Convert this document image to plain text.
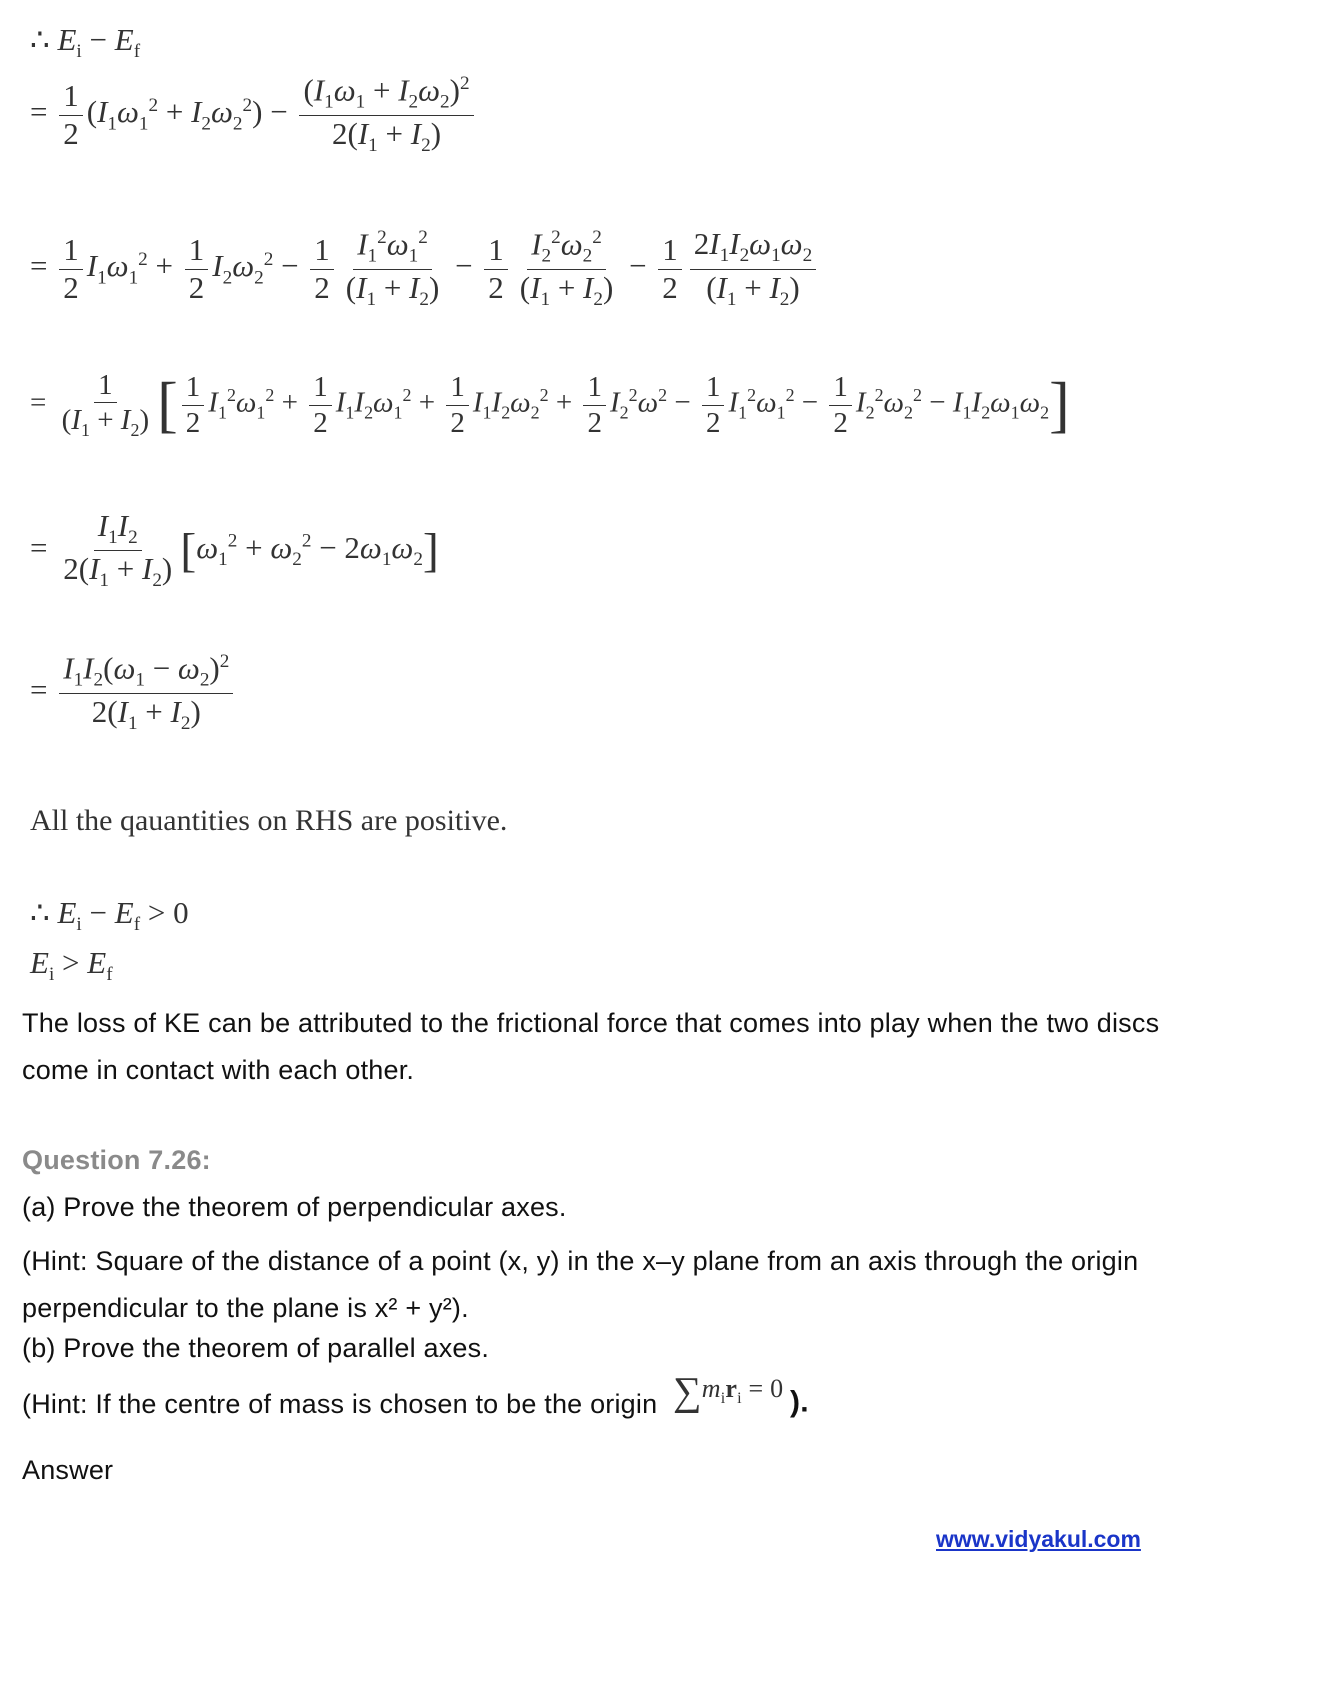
∴ $E_i - E_f$
= $\frac{1}{2} (I_1\omega_1^2 + I_2\omega_2^2) - \frac{(I_1\omega_1 + I_2\omega_2)^2}{2(I_1 + I_2)}$
= $\frac{1}{2} I_1\omega_1^2 + \frac{1}{2} I_2\omega_2^2 - \frac{1}{2} \frac{I_1^2\omega_1^2}{(I_1 + I_2)} - \frac{1}{2} \frac{I_2^2\omega_2^2}{(I_1 + I_2)} - \frac{1}{2} \frac{2I_1I_2\omega_1\omega_2}{(I_1 + I_2)}$
= $\frac{1}{(I_1 + I_2)}$ [ $\frac{1}{2} I_1^2\omega_1^2 + \frac{1}{2} I_1I_2\omega_1^2 + \frac{1}{2} I_1I_2\omega_2^2 + \frac{1}{2} I_2^2\omega^2 - \frac{1}{2} I_1^2\omega_1^2 - \frac{1}{2} I_2^2\omega_2^2 - I_1I_2\omega_1\omega_2$]
= $\frac{I_1I_2}{2(I_1 + I_2)} [\omega_1^2 + \omega_2^2 - 2\omega_1\omega_2]$
= $\frac{I_1I_2(\omega_1 - \omega_2)^2}{2(I_1 + I_2)}$
All the qauantities on RHS are positive.
∴ $E_i - E_f > 0$
$E_i > E_f$
The loss of KE can be attributed to the frictional force that comes into play when the two discs come in contact with each other.
Question 7.26:
(a) Prove the theorem of perpendicular axes.
(Hint: Square of the distance of a point (x, y) in the x–y plane from an axis through the origin perpendicular to the plane is x² + y²).
(b) Prove the theorem of parallel axes.
(Hint: If the centre of mass is chosen to be the origin $\sum m_ir_i = 0$ ).
Answer
www.vidyakul.com
